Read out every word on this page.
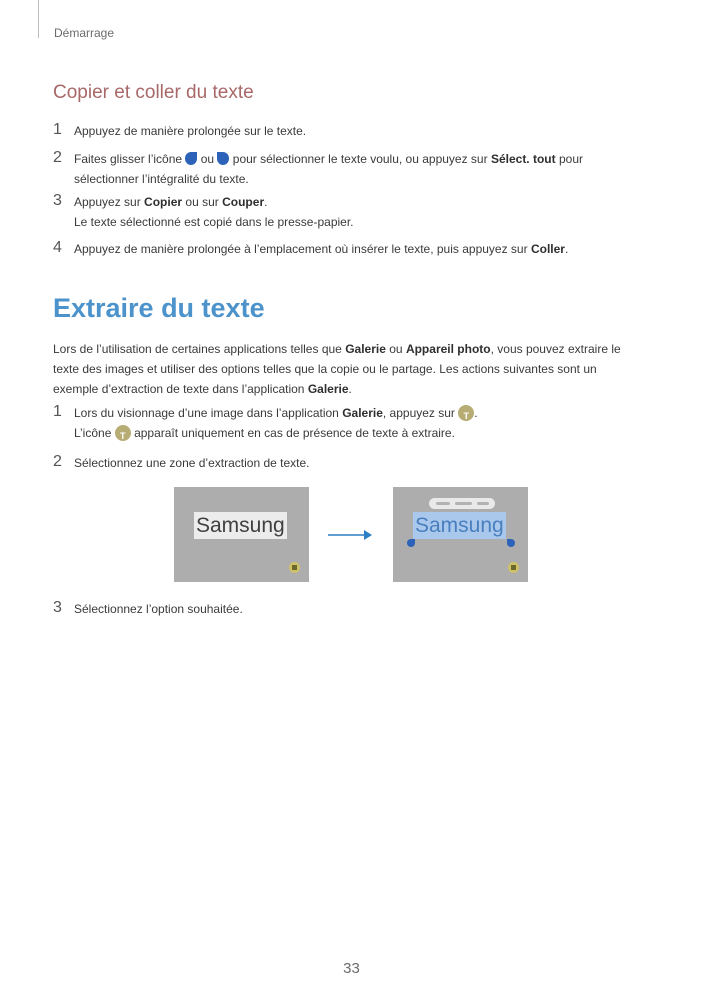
Démarrage
Copier et coller du texte
1 Appuyez de manière prolongée sur le texte.
2 Faites glisser l’icône ou pour sélectionner le texte voulu, ou appuyez sur Sélect. tout pour
sélectionner l’intégralité du texte.
3 Appuyez sur Copier ou sur Couper.
Le texte sélectionné est copié dans le presse-papier.
4 Appuyez de manière prolongée à l’emplacement où insérer le texte, puis appuyez sur Coller.
Extraire du texte
Lors de l’utilisation de certaines applications telles que Galerie ou Appareil photo, vous pouvez extraire le texte des images et utiliser des options telles que la copie ou le partage. Les actions suivantes sont un exemple d’extraction de texte dans l’application Galerie.
1 Lors du visionnage d’une image dans l’application Galerie, appuyez sur T .
L’icône T apparaît uniquement en cas de présence de texte à extraire.
2 Sélectionnez une zone d’extraction de texte.
Samsung	Samsung
3 Sélectionnez l’option souhaitée.
33
